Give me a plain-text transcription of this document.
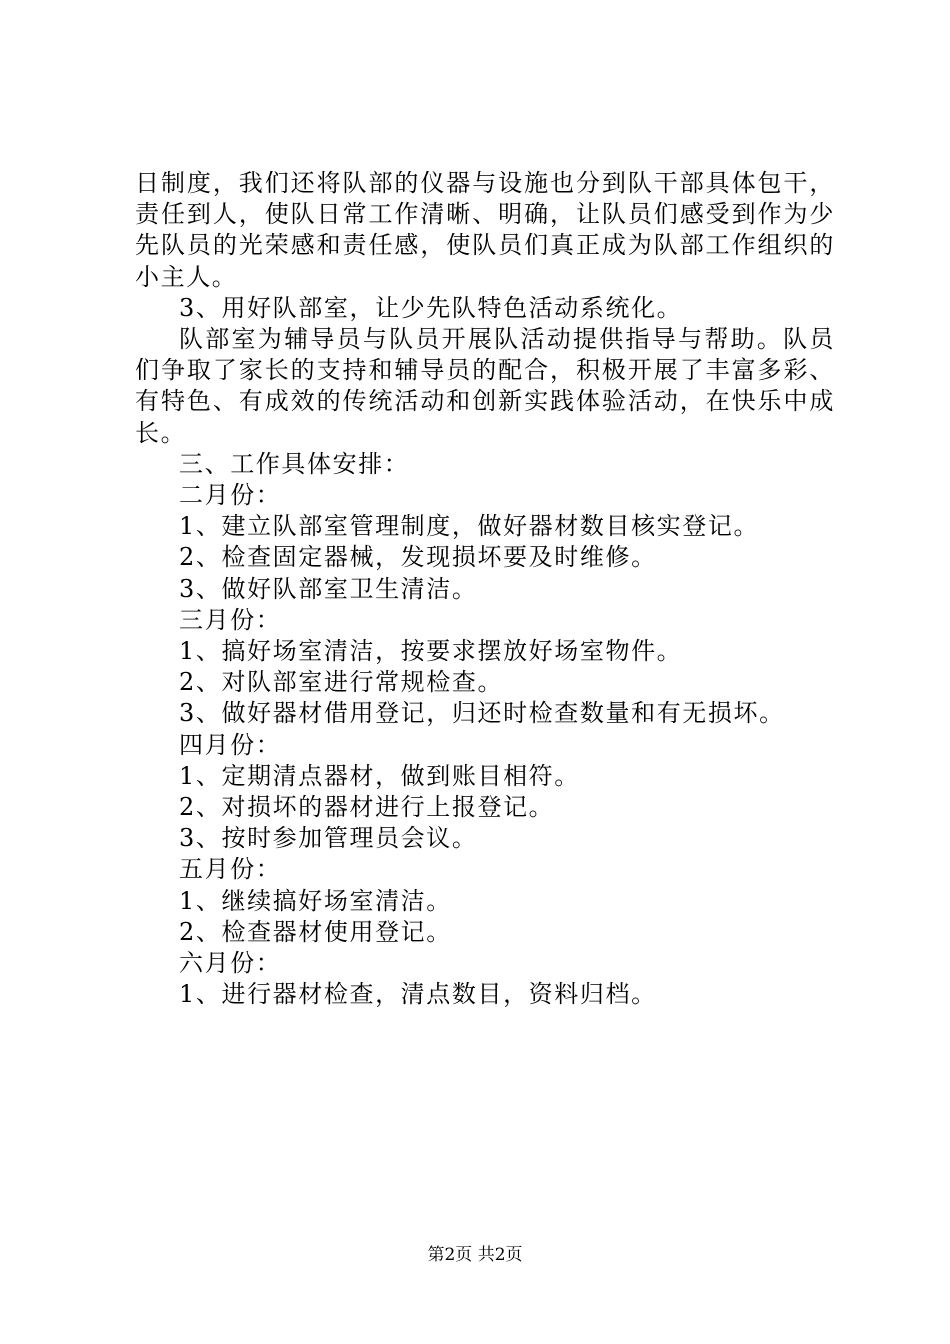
日制度，我们还将队部的仪器与设施也分到队干部具体包干，责任到人，使队日常工作清晰、明确，让队员们感受到作为少先队员的光荣感和责任感，使队员们真正成为队部工作组织的小主人。

3、用好队部室，让少先队特色活动系统化。

队部室为辅导员与队员开展队活动提供指导与帮助。队员们争取了家长的支持和辅导员的配合，积极开展了丰富多彩、有特色、有成效的传统活动和创新实践体验活动，在快乐中成长。

三、工作具体安排：

二月份：

1、建立队部室管理制度，做好器材数目核实登记。

2、检查固定器械，发现损坏要及时维修。

3、做好队部室卫生清洁。

三月份：

1、搞好场室清洁，按要求摆放好场室物件。

2、对队部室进行常规检查。

3、做好器材借用登记，归还时检查数量和有无损坏。

四月份：

1、定期清点器材，做到账目相符。

2、对损坏的器材进行上报登记。

3、按时参加管理员会议。

五月份：

1、继续搞好场室清洁。

2、检查器材使用登记。

六月份：

1、进行器材检查，清点数目，资料归档。

第2页 共2页
